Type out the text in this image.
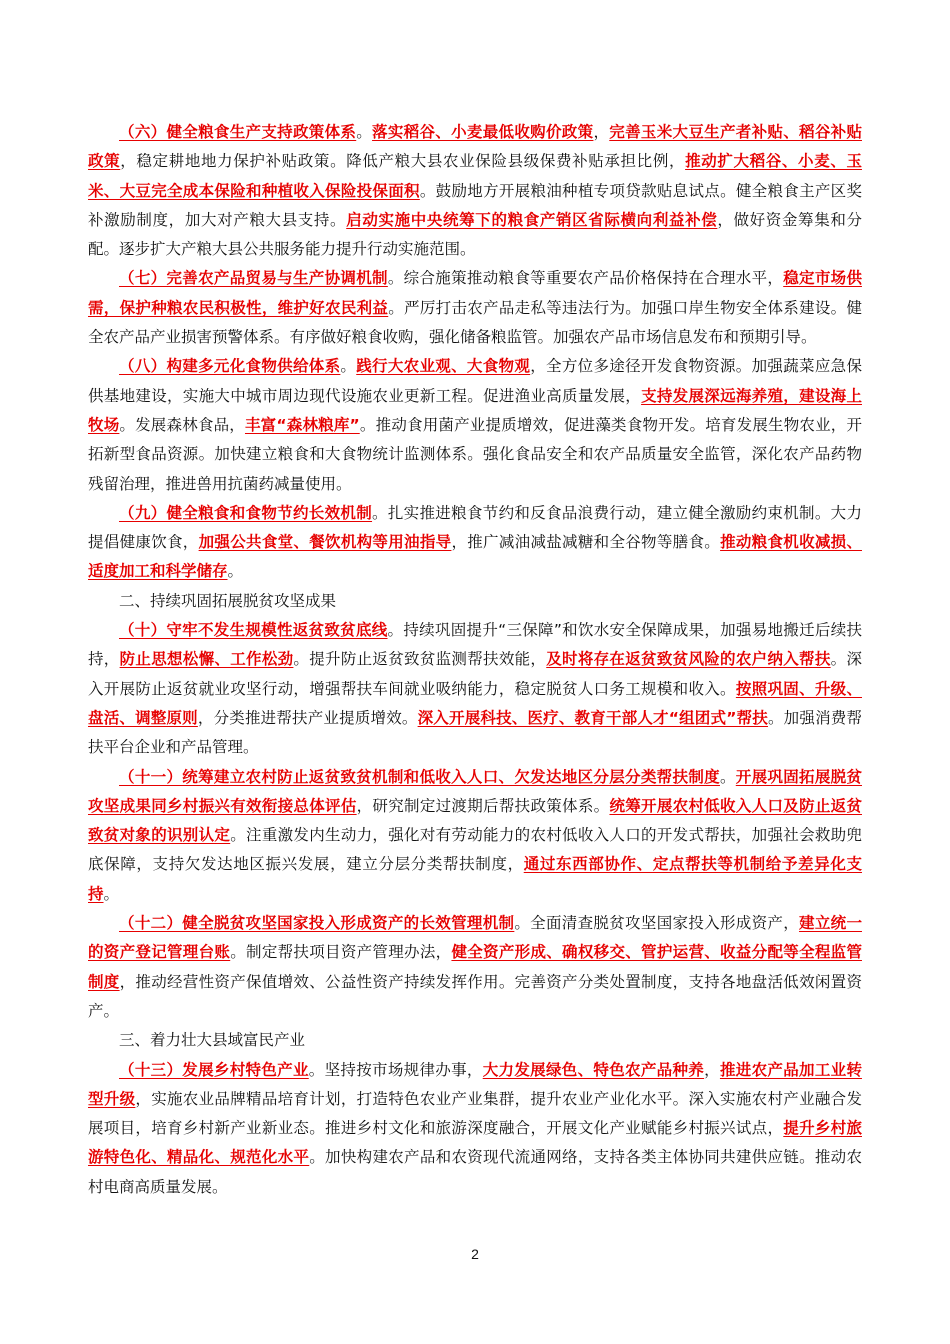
（六）健全粮食生产支持政策体系。落实稻谷、小麦最低收购价政策，完善玉米大豆生产者补贴、稻谷补贴政策，稳定耕地地力保护补贴政策。降低产粮大县农业保险县级保费补贴承担比例，推动扩大稻谷、小麦、玉米、大豆完全成本保险和种植收入保险投保面积。鼓励地方开展粮油种植专项贷款贴息试点。健全粮食主产区奖补激励制度，加大对产粮大县支持。启动实施中央统筹下的粮食产销区省际横向利益补偿，做好资金筹集和分配。逐步扩大产粮大县公共服务能力提升行动实施范围。

（七）完善农产品贸易与生产协调机制。综合施策推动粮食等重要农产品价格保持在合理水平，稳定市场供需，保护种粮农民积极性，维护好农民利益。严厉打击农产品走私等违法行为。加强口岸生物安全体系建设。健全农产品产业损害预警体系。有序做好粮食收购，强化储备粮监管。加强农产品市场信息发布和预期引导。

（八）构建多元化食物供给体系。践行大农业观、大食物观，全方位多途径开发食物资源。加强蔬菜应急保供基地建设，实施大中城市周边现代设施农业更新工程。促进渔业高质量发展，支持发展深远海养殖，建设海上牧场。发展森林食品，丰富“森林粮库”。推动食用菌产业提质增效，促进藻类食物开发。培育发展生物农业，开拓新型食品资源。加快建立粮食和大食物统计监测体系。强化食品安全和农产品质量安全监管，深化农产品药物残留治理，推进兽用抗菌药减量使用。

（九）健全粮食和食物节约长效机制。扎实推进粮食节约和反食品浪费行动，建立健全激励约束机制。大力提倡健康饮食，加强公共食堂、餐饮机构等用油指导，推广减油减盐减糖和全谷物等膳食。推动粮食机收减损、适度加工和科学储存。

二、持续巩固拓展脱贫攻坚成果

（十）守牢不发生规模性返贫致贫底线。持续巩固提升“三保障”和饮水安全保障成果，加强易地搬迁后续扶持，防止思想松懈、工作松劲。提升防止返贫致贫监测帮扶效能，及时将存在返贫致贫风险的农户纳入帮扶。深入开展防止返贫就业攻坚行动，增强帮扶车间就业吸纳能力，稳定脱贫人口务工规模和收入。按照巩固、升级、盘活、调整原则，分类推进帮扶产业提质增效。深入开展科技、医疗、教育干部人才“组团式”帮扶。加强消费帮扶平台企业和产品管理。

（十一）统筹建立农村防止返贫致贫机制和低收入人口、欠发达地区分层分类帮扶制度。开展巩固拓展脱贫攻坚成果同乡村振兴有效衔接总体评估，研究制定过渡期后帮扶政策体系。统筹开展农村低收入人口及防止返贫致贫对象的识别认定。注重激发内生动力，强化对有劳动能力的农村低收入人口的开发式帮扶，加强社会救助兜底保障，支持欠发达地区振兴发展，建立分层分类帮扶制度，通过东西部协作、定点帮扶等机制给予差异化支持。

（十二）健全脱贫攻坚国家投入形成资产的长效管理机制。全面清查脱贫攻坚国家投入形成资产，建立统一的资产登记管理台账。制定帮扶项目资产管理办法，健全资产形成、确权移交、管护运营、收益分配等全程监管制度，推动经营性资产保值增效、公益性资产持续发挥作用。完善资产分类处置制度，支持各地盘活低效闲置资产。

三、着力壮大县域富民产业

（十三）发展乡村特色产业。坚持按市场规律办事，大力发展绿色、特色农产品种养，推进农产品加工业转型升级，实施农业品牌精品培育计划，打造特色农业产业集群，提升农业产业化水平。深入实施农村产业融合发展项目，培育乡村新产业新业态。推进乡村文化和旅游深度融合，开展文化产业赋能乡村振兴试点，提升乡村旅游特色化、精品化、规范化水平。加快构建农产品和农资现代流通网络，支持各类主体协同共建供应链。推动农村电商高质量发展。

2
